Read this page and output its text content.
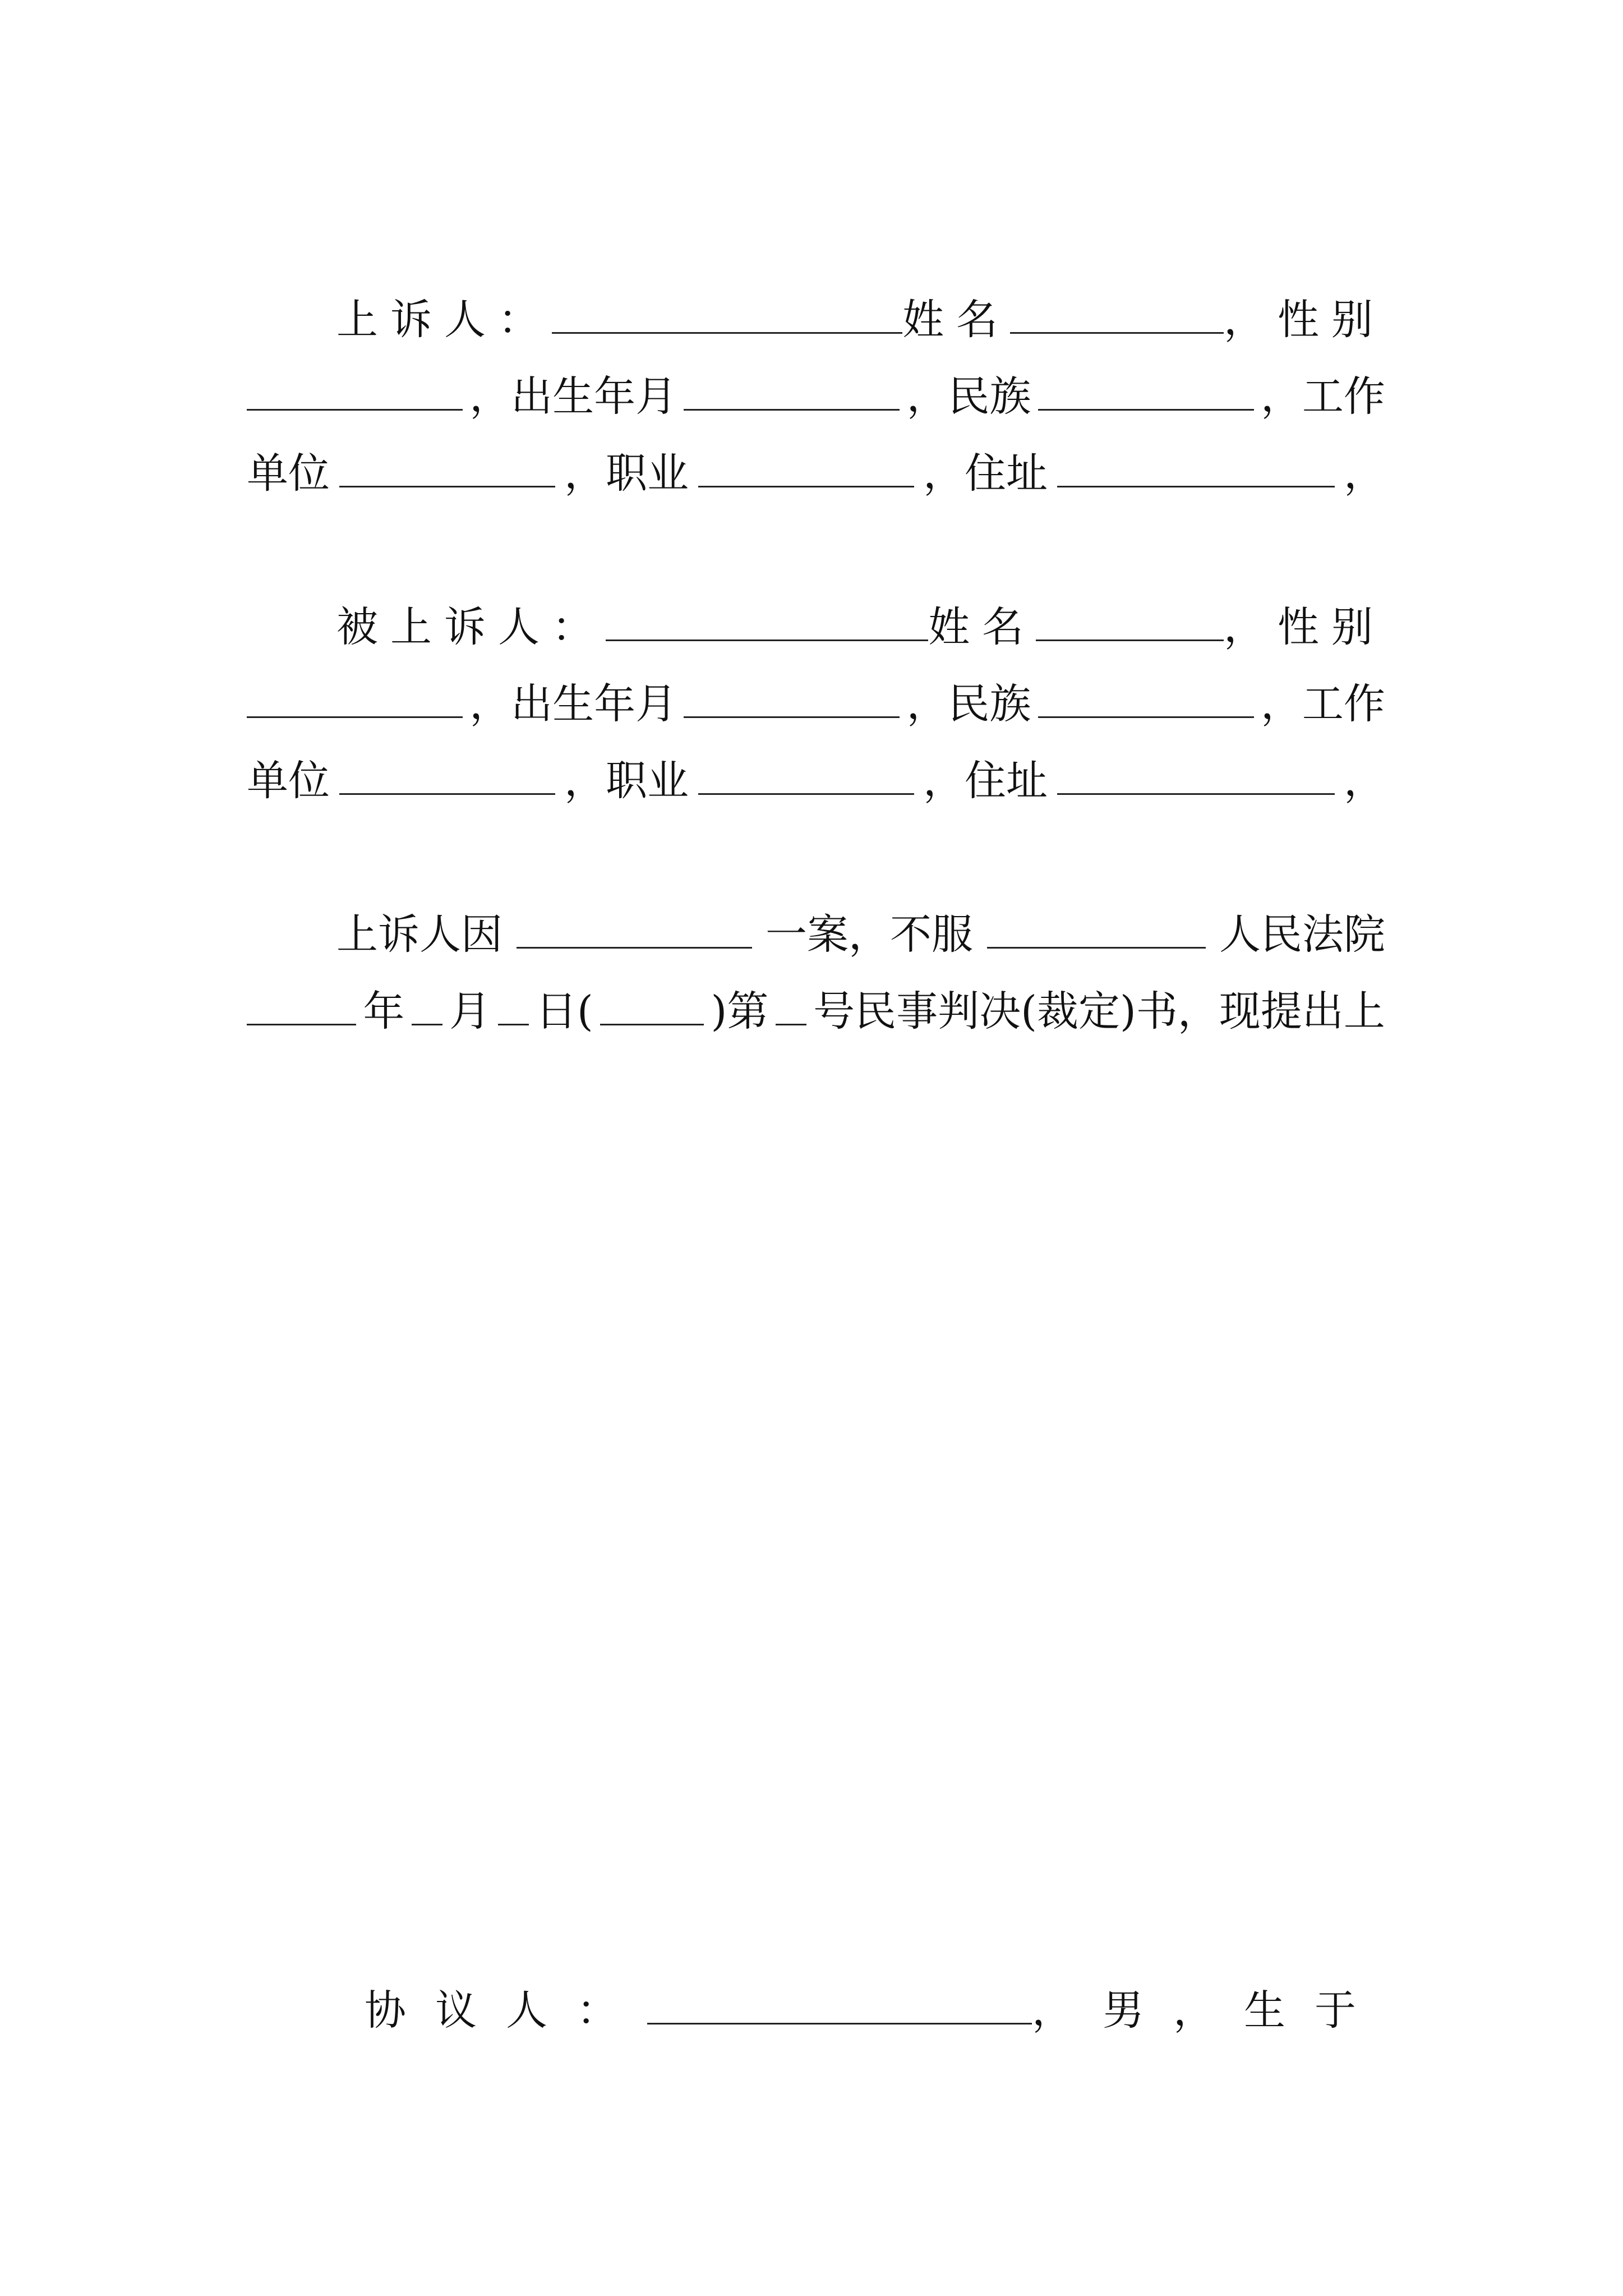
上诉人：	姓名	，性别
，出生年月	，民族	，工作
单位	，职业	，住址	，

被上诉人：	姓名	，性别
，出生年月	，民族	，工作
单位	，职业	，住址	，

上诉人因	一案，不服	人民法院
年 月 日(	)第 号民事判决(裁定)书，现提出上

协议人：	，男， 生于
